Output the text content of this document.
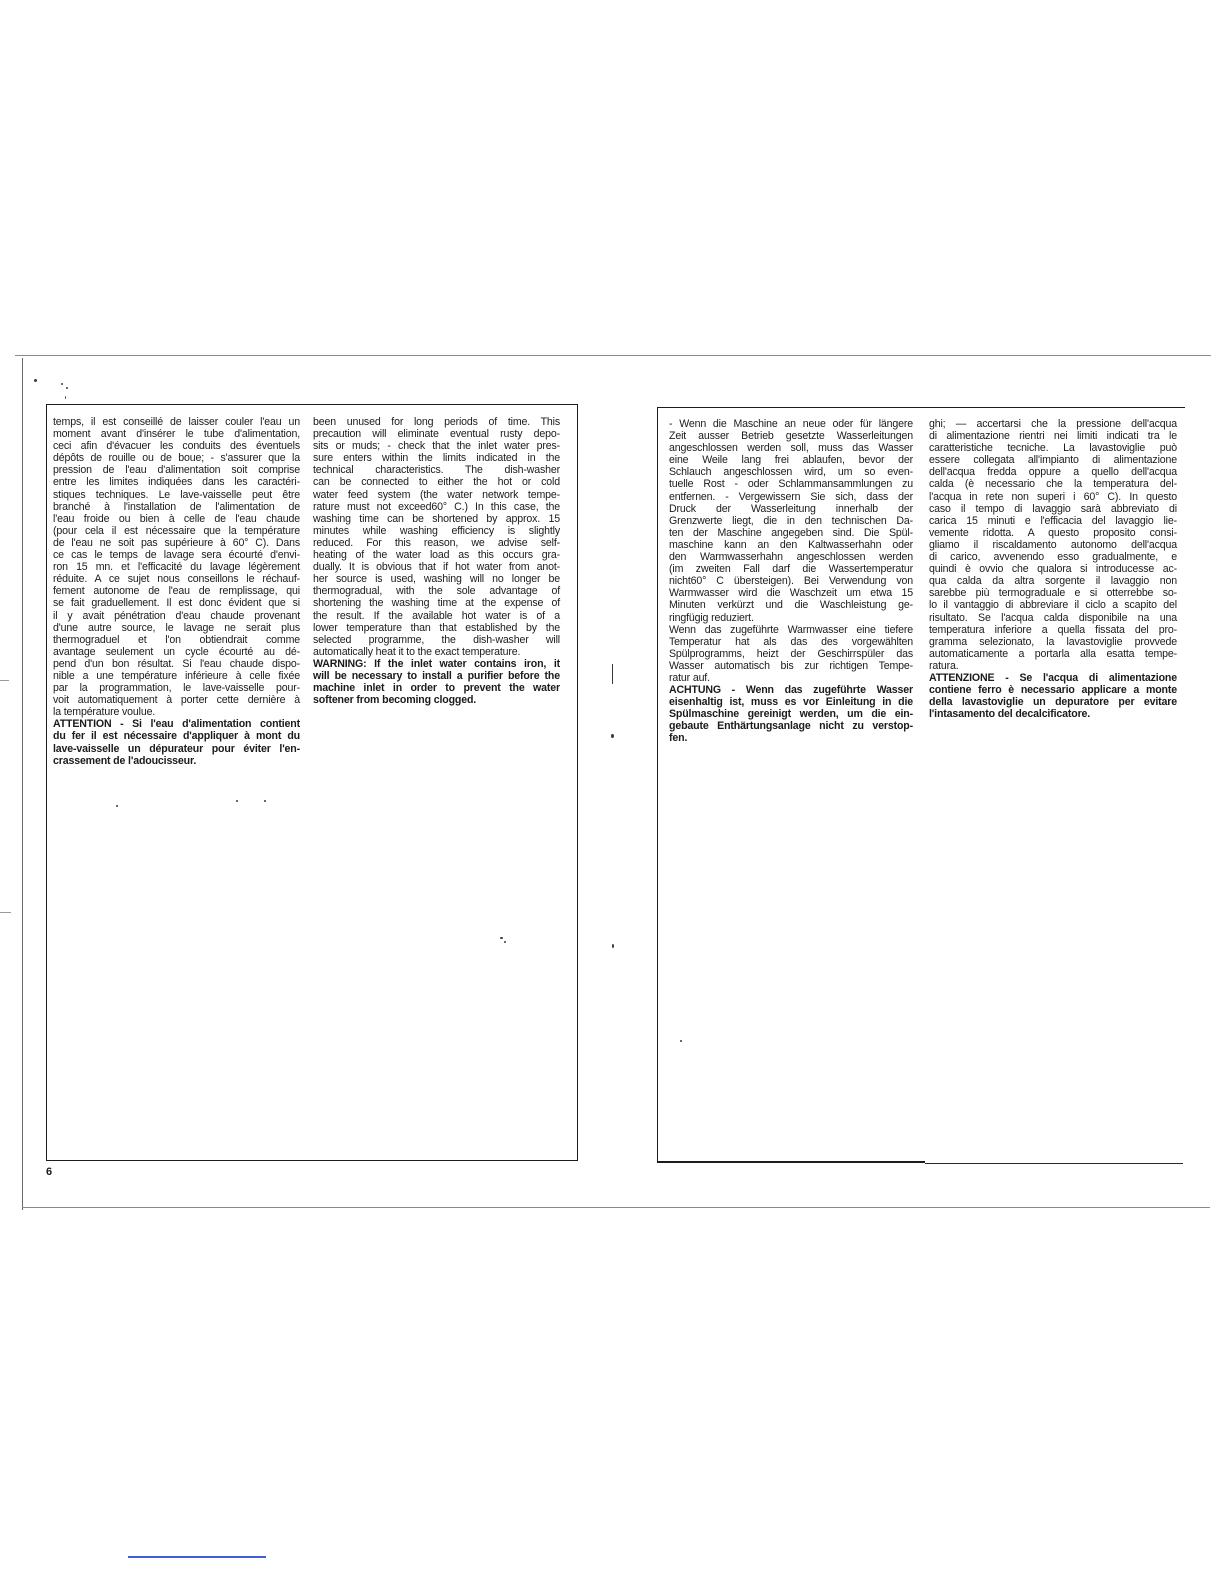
temps, il est conseillé de laisser couler l'eau un
moment avant d'insérer le tube d'alimentation,
ceci afin d'évacuer les conduits des éventuels
dépôts de rouille ou de boue; - s'assurer que la
pression de l'eau d'alimentation soit comprise
entre les limites indiquées dans les caractéri-
stiques techniques. Le lave-vaisselle peut être
branché à l'installation de l'alimentation de
l'eau froide ou bien à celle de l'eau chaude
(pour cela il est nécessaire que la température
de l'eau ne soit pas supérieure à 60° C). Dans
ce cas le temps de lavage sera écourté d'envi-
ron 15 mn. et l'efficacité du lavage légèrement
réduite. A ce sujet nous conseillons le réchauf-
fement autonome de l'eau de remplissage, qui
se fait graduellement. Il est donc évident que si
il y avait pénétration d'eau chaude provenant
d'une autre source, le lavage ne serait plus
thermograduel et l'on obtiendrait comme
avantage seulement un cycle écourté au dé-
pend d'un bon résultat. Si l'eau chaude dispo-
nible a une température inférieure à celle fixée
par la programmation, le lave-vaisselle pour-
voit automatiquement à porter cette dernière à
la température voulue.
ATTENTION - Si l'eau d'alimentation contient
du fer il est nécessaire d'appliquer à mont du
lave-vaisselle un dépurateur pour éviter l'en-
crassement de l'adoucisseur.
been unused for long periods of time. This
precaution will eliminate eventual rusty depo-
sits or muds; - check that the inlet water pres-
sure enters within the limits indicated in the
technical characteristics. The dish-washer
can be connected to either the hot or cold
water feed system (the water network tempe-
rature must not exceed60° C.) In this case, the
washing time can be shortened by approx. 15
minutes while washing efficiency is slightly
reduced. For this reason, we advise self-
heating of the water load as this occurs gra-
dually. It is obvious that if hot water from anot-
her source is used, washing will no longer be
thermogradual, with the sole advantage of
shortening the washing time at the expense of
the result. If the available hot water is of a
lower temperature than that established by the
selected programme, the dish-washer will
automatically heat it to the exact temperature.
WARNING: If the inlet water contains iron, it
will be necessary to install a purifier before the
machine inlet in order to prevent the water
softener from becoming clogged.
- Wenn die Maschine an neue oder für längere
Zeit ausser Betrieb gesetzte Wasserleitungen
angeschlossen werden soll, muss das Wasser
eine Weile lang frei ablaufen, bevor der
Schlauch angeschlossen wird, um so even-
tuelle Rost - oder Schlammansammlungen zu
entfernen. - Vergewissern Sie sich, dass der
Druck der Wasserleitung innerhalb der
Grenzwerte liegt, die in den technischen Da-
ten der Maschine angegeben sind. Die Spül-
maschine kann an den Kaltwasserhahn oder
den Warmwasserhahn angeschlossen werden
(im zweiten Fall darf die Wassertemperatur
nicht60° C übersteigen). Bei Verwendung von
Warmwasser wird die Waschzeit um etwa 15
Minuten verkürzt und die Waschleistung ge-
ringfügig reduziert.
Wenn das zugeführte Warmwasser eine tiefere
Temperatur hat als das des vorgewählten
Spülprogramms, heizt der Geschirrspüler das
Wasser automatisch bis zur richtigen Tempe-
ratur auf.
ACHTUNG - Wenn das zugeführte Wasser
eisenhaltig ist, muss es vor Einleitung in die
Spülmaschine gereinigt werden, um die ein-
gebaute Enthärtungsanlage nicht zu verstop-
fen.
ghi; — accertarsi che la pressione dell'acqua
di alimentazione rientri nei limiti indicati tra le
caratteristiche tecniche. La lavastoviglie può
essere collegata all'impianto di alimentazione
dell'acqua fredda oppure a quello dell'acqua
calda (è necessario che la temperatura del-
l'acqua in rete non superi i 60° C). In questo
caso il tempo di lavaggio sarà abbreviato di
carica 15 minuti e l'efficacia del lavaggio lie-
vemente ridotta. A questo proposito consi-
gliamo il riscaldamento autonomo dell'acqua
di carico, avvenendo esso gradualmente, e
quindi è ovvio che qualora si introducesse ac-
qua calda da altra sorgente il lavaggio non
sarebbe più termograduale e si otterrebbe so-
lo il vantaggio di abbreviare il ciclo a scapito del
risultato. Se l'acqua calda disponibile na una
temperatura inferiore a quella fissata del pro-
gramma selezionato, la lavastoviglie provvede
automaticamente a portarla alla esatta tempe-
ratura.
ATTENZIONE - Se l'acqua di alimentazione
contiene ferro è necessario applicare a monte
della lavastoviglie un depuratore per evitare
l'intasamento del decalcificatore.
6
